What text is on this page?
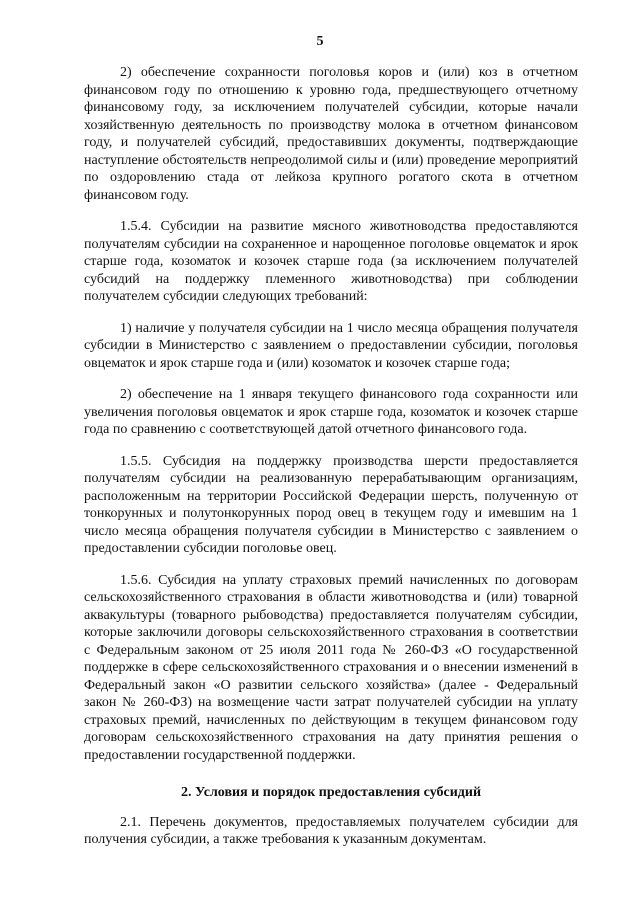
5

2) обеспечение сохранности поголовья коров и (или) коз в отчетном финансовом году по отношению к уровню года, предшествующего отчетному финансовому году, за исключением получателей субсидии, которые начали хозяйственную деятельность по производству молока в отчетном финансовом году, и получателей субсидий, предоставивших документы, подтверждающие наступление обстоятельств непреодолимой силы и (или) проведение мероприятий по оздоровлению стада от лейкоза крупного рогатого скота в отчетном финансовом году.

1.5.4. Субсидии на развитие мясного животноводства предоставляются получателям субсидии на сохраненное и нарощенное поголовье овцематок и ярок старше года, козоматок и козочек старше года (за исключением получателей субсидий на поддержку племенного животноводства) при соблюдении получателем субсидии следующих требований:

1) наличие у получателя субсидии на 1 число месяца обращения получателя субсидии в Министерство с заявлением о предоставлении субсидии, поголовья овцематок и ярок старше года и (или) козоматок и козочек старше года;

2) обеспечение на 1 января текущего финансового года сохранности или увеличения поголовья овцематок и ярок старше года, козоматок и козочек старше года по сравнению с соответствующей датой отчетного финансового года.

1.5.5. Субсидия на поддержку производства шерсти предоставляется получателям субсидии на реализованную перерабатывающим организациям, расположенным на территории Российской Федерации шерсть, полученную от тонкорунных и полутонкорунных пород овец в текущем году и имевшим на 1 число месяца обращения получателя субсидии в Министерство с заявлением о предоставлении субсидии поголовье овец.

1.5.6. Субсидия на уплату страховых премий начисленных по договорам сельскохозяйственного страхования в области животноводства и (или) товарной аквакультуры (товарного рыбоводства) предоставляется получателям субсидии, которые заключили договоры сельскохозяйственного страхования в соответствии с Федеральным законом от 25 июля 2011 года № 260-ФЗ «О государственной поддержке в сфере сельскохозяйственного страхования и о внесении изменений в Федеральный закон «О развитии сельского хозяйства» (далее - Федеральный закон № 260-ФЗ) на возмещение части затрат получателей субсидии на уплату страховых премий, начисленных по действующим в текущем финансовом году договорам сельскохозяйственного страхования на дату принятия решения о предоставлении государственной поддержки.

2. Условия и порядок предоставления субсидий

2.1. Перечень документов, предоставляемых получателем субсидии для получения субсидии, а также требования к указанным документам.
